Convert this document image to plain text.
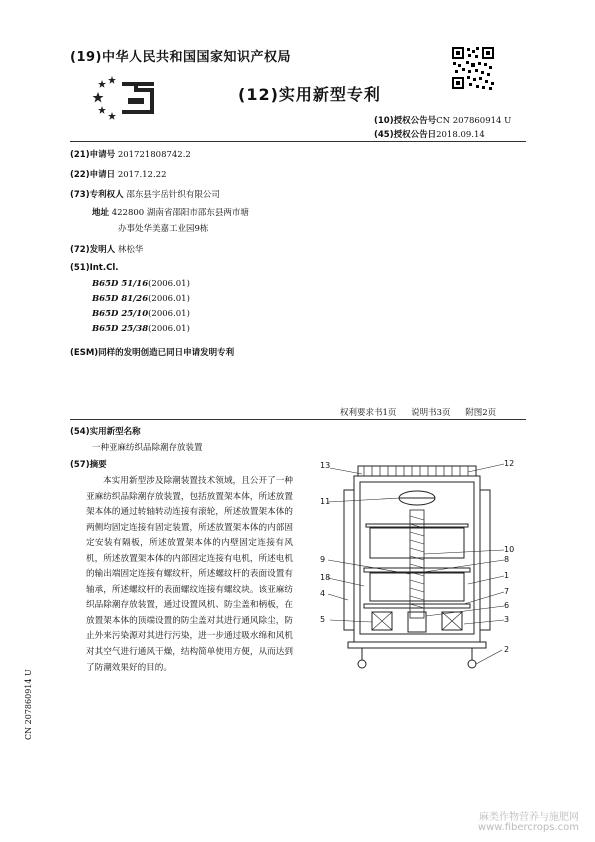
(19)中华人民共和国国家知识产权局
(12)实用新型专利
(10)授权公告号CN 207860914 U
(45)授权公告日2018.09.14
(21)申请号 201721808742.2
(22)申请日 2017.12.22
(73)专利权人 邵东县宇岳针织有限公司
地址 422800 湖南省邵阳市邵东县两市塘
办事处华美嘉工业园9栋
(72)发明人 林松华
(51)Int.Cl.
B65D 51/16(2006.01)
B65D 81/26(2006.01)
B65D 25/10(2006.01)
B65D 25/38(2006.01)
(ESM)同样的发明创造已同日申请发明专利
权利要求书1页 说明书3页 附图2页
(54)实用新型名称
一种亚麻纺织品除潮存放装置
(57)摘要
本实用新型涉及除潮装置技术领域，且公开了一种亚麻纺织品除潮存放装置，包括放置架本体，所述放置架本体的通过转轴转动连接有滚轮，所述放置架本体的两侧均固定连接有固定装置，所述放置架本体的内部固定安装有隔板，所述放置架本体的内壁固定连接有风机，所述放置架本体的内部固定连接有电机，所述电机的输出端固定连接有螺纹杆，所述螺纹杆的表面设置有轴承，所述螺纹杆的表面螺纹连接有螺纹块。该亚麻纺织品除潮存放装置，通过设置风机、防尘盖和柄板，在放置架本体的顶端设置的防尘盖对其进行通风除尘，防止外来污染源对其进行污染，进一步通过吸水绵和风机对其空气进行通风干燥，结构简单使用方便，从而达到了防潮效果好的目的。
13	12
11
10
9	8
18	1
7
4
6
5	3
2
CN 207860914 U
麻类作物营养与施肥网
www.fibercrops.com
